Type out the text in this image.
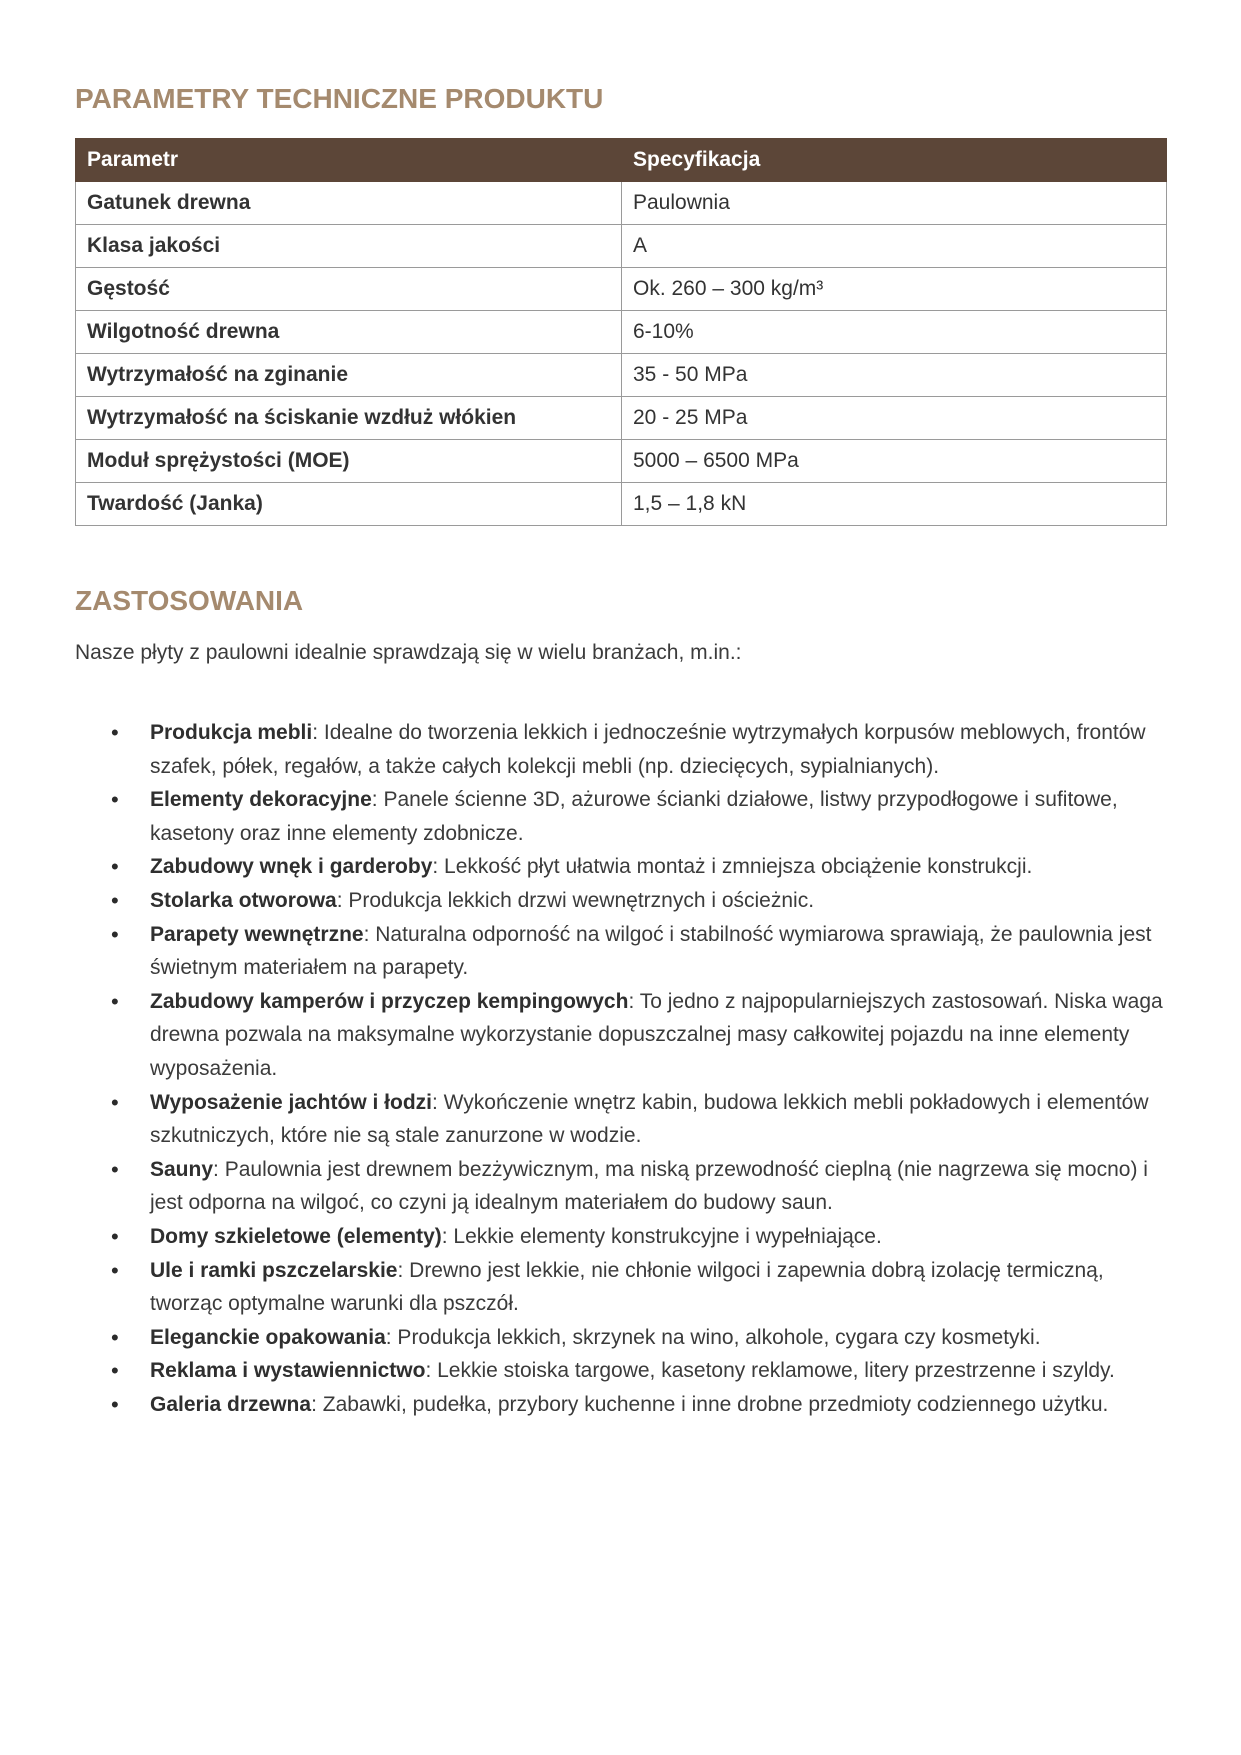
PARAMETRY TECHNICZNE PRODUKTU
Parametr	Specyfikacja
Gatunek drewna	Paulownia
Klasa jakości	A
Gęstość	Ok. 260 – 300 kg/m³
Wilgotność drewna	6-10%
Wytrzymałość na zginanie	35 - 50 MPa
Wytrzymałość na ściskanie wzdłuż włókien	20 - 25 MPa
Moduł sprężystości (MOE)	5000 – 6500 MPa
Twardość (Janka)	1,5 – 1,8 kN
ZASTOSOWANIA

Nasze płyty z paulowni idealnie sprawdzają się w wielu branżach, m.in.:

• Produkcja mebli: Idealne do tworzenia lekkich i jednocześnie wytrzymałych korpusów meblowych, frontów szafek, półek, regałów, a także całych kolekcji mebli (np. dziecięcych, sypialnianych).
• Elementy dekoracyjne: Panele ścienne 3D, ażurowe ścianki działowe, listwy przypodłogowe i sufitowe, kasetony oraz inne elementy zdobnicze.
• Zabudowy wnęk i garderoby: Lekkość płyt ułatwia montaż i zmniejsza obciążenie konstrukcji.
• Stolarka otworowa: Produkcja lekkich drzwi wewnętrznych i ościeżnic.
• Parapety wewnętrzne: Naturalna odporność na wilgoć i stabilność wymiarowa sprawiają, że paulownia jest świetnym materiałem na parapety.
• Zabudowy kamperów i przyczep kempingowych: To jedno z najpopularniejszych zastosowań. Niska waga drewna pozwala na maksymalne wykorzystanie dopuszczalnej masy całkowitej pojazdu na inne elementy wyposażenia.
• Wyposażenie jachtów i łodzi: Wykończenie wnętrz kabin, budowa lekkich mebli pokładowych i elementów szkutniczych, które nie są stale zanurzone w wodzie.
• Sauny: Paulownia jest drewnem bezżywicznym, ma niską przewodność cieplną (nie nagrzewa się mocno) i jest odporna na wilgoć, co czyni ją idealnym materiałem do budowy saun.
• Domy szkieletowe (elementy): Lekkie elementy konstrukcyjne i wypełniające.
• Ule i ramki pszczelarskie: Drewno jest lekkie, nie chłonie wilgoci i zapewnia dobrą izolację termiczną, tworząc optymalne warunki dla pszczół.
• Eleganckie opakowania: Produkcja lekkich, skrzynek na wino, alkohole, cygara czy kosmetyki.
• Reklama i wystawiennictwo: Lekkie stoiska targowe, kasetony reklamowe, litery przestrzenne i szyldy.
• Galeria drzewna: Zabawki, pudełka, przybory kuchenne i inne drobne przedmioty codziennego użytku.
